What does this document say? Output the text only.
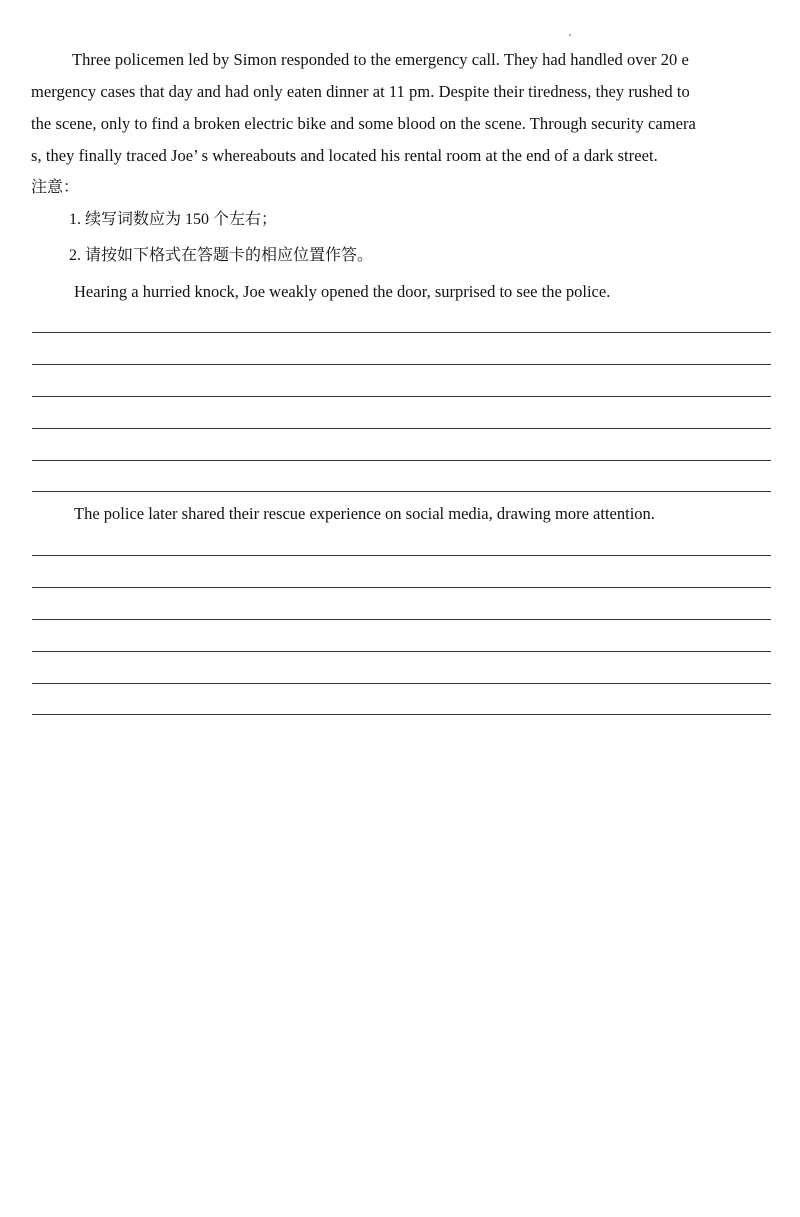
Three policemen led by Simon responded to the emergency call. They had handled over 20 e
mergency cases that day and had only eaten dinner at 11 pm. Despite their tiredness, they rushed to
the scene, only to find a broken electric bike and some blood on the scene. Through security camera
s, they finally traced Joe’ s whereabouts and located his rental room at the end of a dark street.
注意：
1. 续写词数应为 150 个左右；
2. 请按如下格式在答题卡的相应位置作答。
Hearing a hurried knock, Joe weakly opened the door, surprised to see the police.
The police later shared their rescue experience on social media, drawing more attention.
